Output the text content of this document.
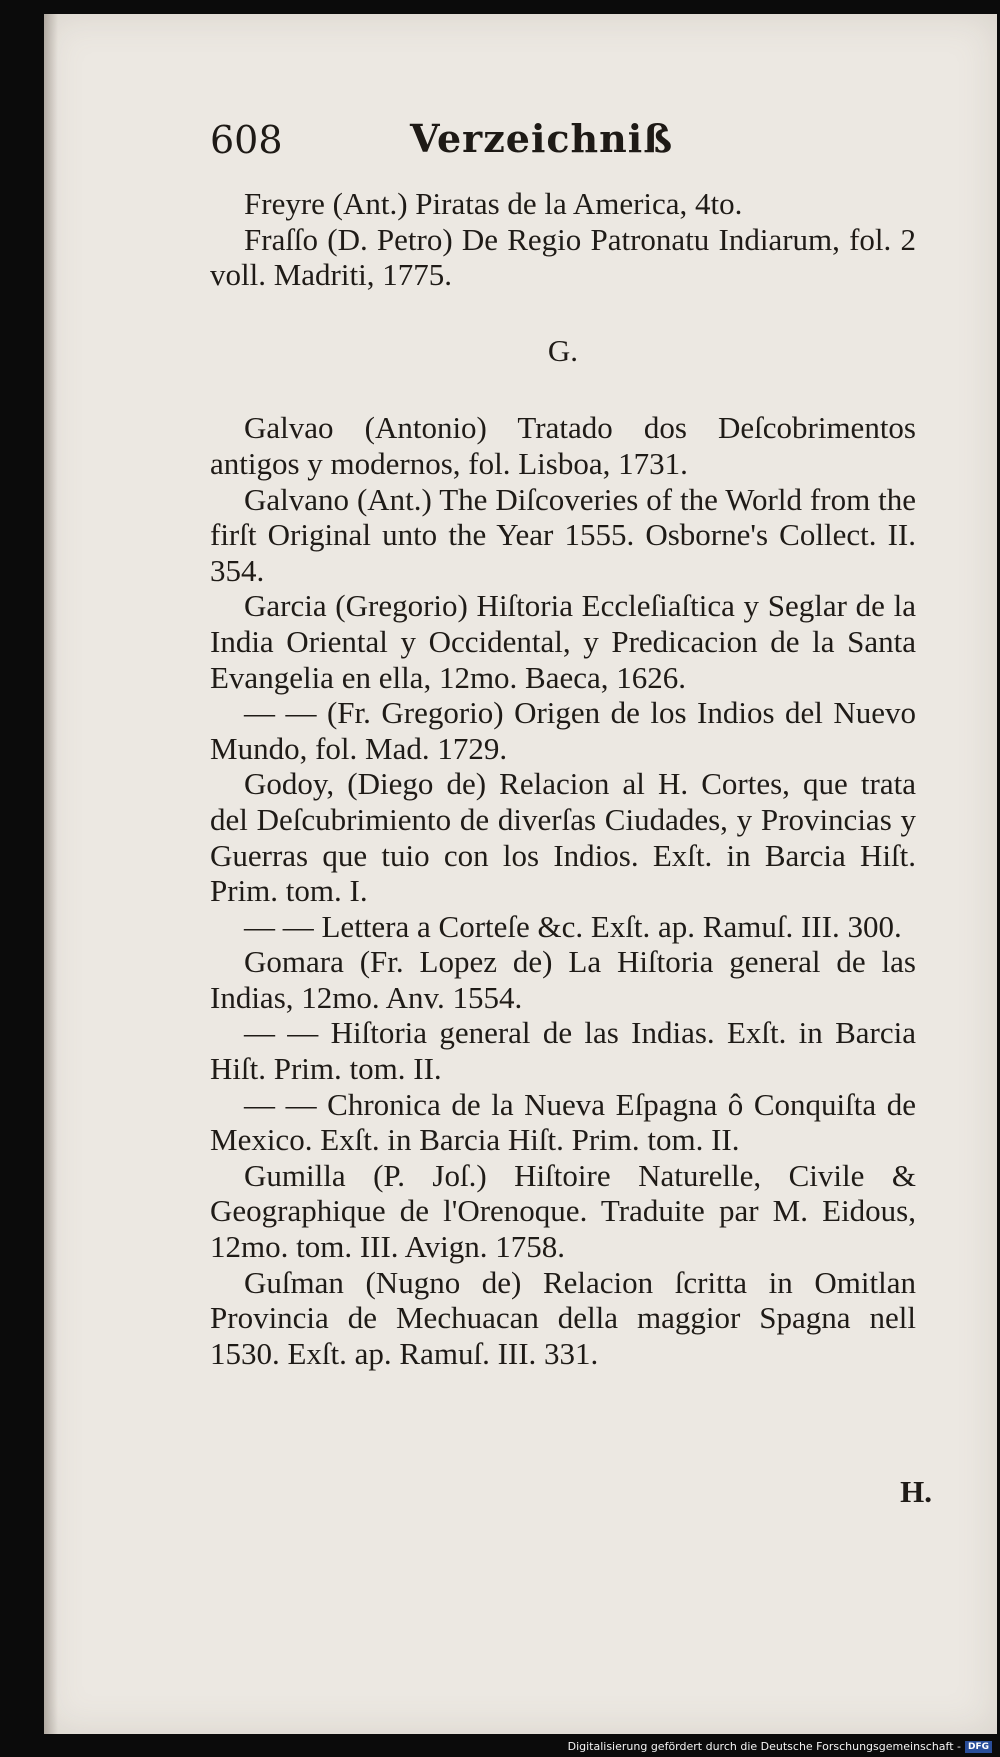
608	Verzeichniß

Freyre (Ant.) Piratas de la America, 4to.

Fraſſo (D. Petro) De Regio Patronatu Indiarum, fol. 2 voll. Madriti, 1775.

G.

Galvao (Antonio) Tratado dos Deſcobrimentos antigos y modernos, fol. Lisboa, 1731.

Galvano (Ant.) The Diſcoveries of the World from the firſt Original unto the Year 1555. Osborne's Collect. II. 354.

Garcia (Gregorio) Hiſtoria Eccleſiaſtica y Seglar de la India Oriental y Occidental, y Predicacion de la Santa Evangelia en ella, 12mo. Baeca, 1626.

— — (Fr. Gregorio) Origen de los Indios del Nuevo Mundo, fol. Mad. 1729.

Godoy, (Diego de) Relacion al H. Cortes, que trata del Deſcubrimiento de diverſas Ciudades, y Provincias y Guerras que tuio con los Indios. Exſt. in Barcia Hiſt. Prim. tom. I.

— — Lettera a Corteſe &c. Exſt. ap. Ramuſ. III. 300.

Gomara (Fr. Lopez de) La Hiſtoria general de las Indias, 12mo. Anv. 1554.

— — Hiſtoria general de las Indias. Exſt. in Barcia Hiſt. Prim. tom. II.

— — Chronica de la Nueva Eſpagna ô Conquiſta de Mexico. Exſt. in Barcia Hiſt. Prim. tom. II.

Gumilla (P. Joſ.) Hiſtoire Naturelle, Civile & Geographique de l'Orenoque. Traduite par M. Eidous, 12mo. tom. III. Avign. 1758.

Guſman (Nugno de) Relacion ſcritta in Omitlan Provincia de Mechuacan della maggior Spagna nell 1530. Exſt. ap. Ramuſ. III. 331.

H.
Digitalisierung gefördert durch die Deutsche Forschungsgemeinschaft - DFG
